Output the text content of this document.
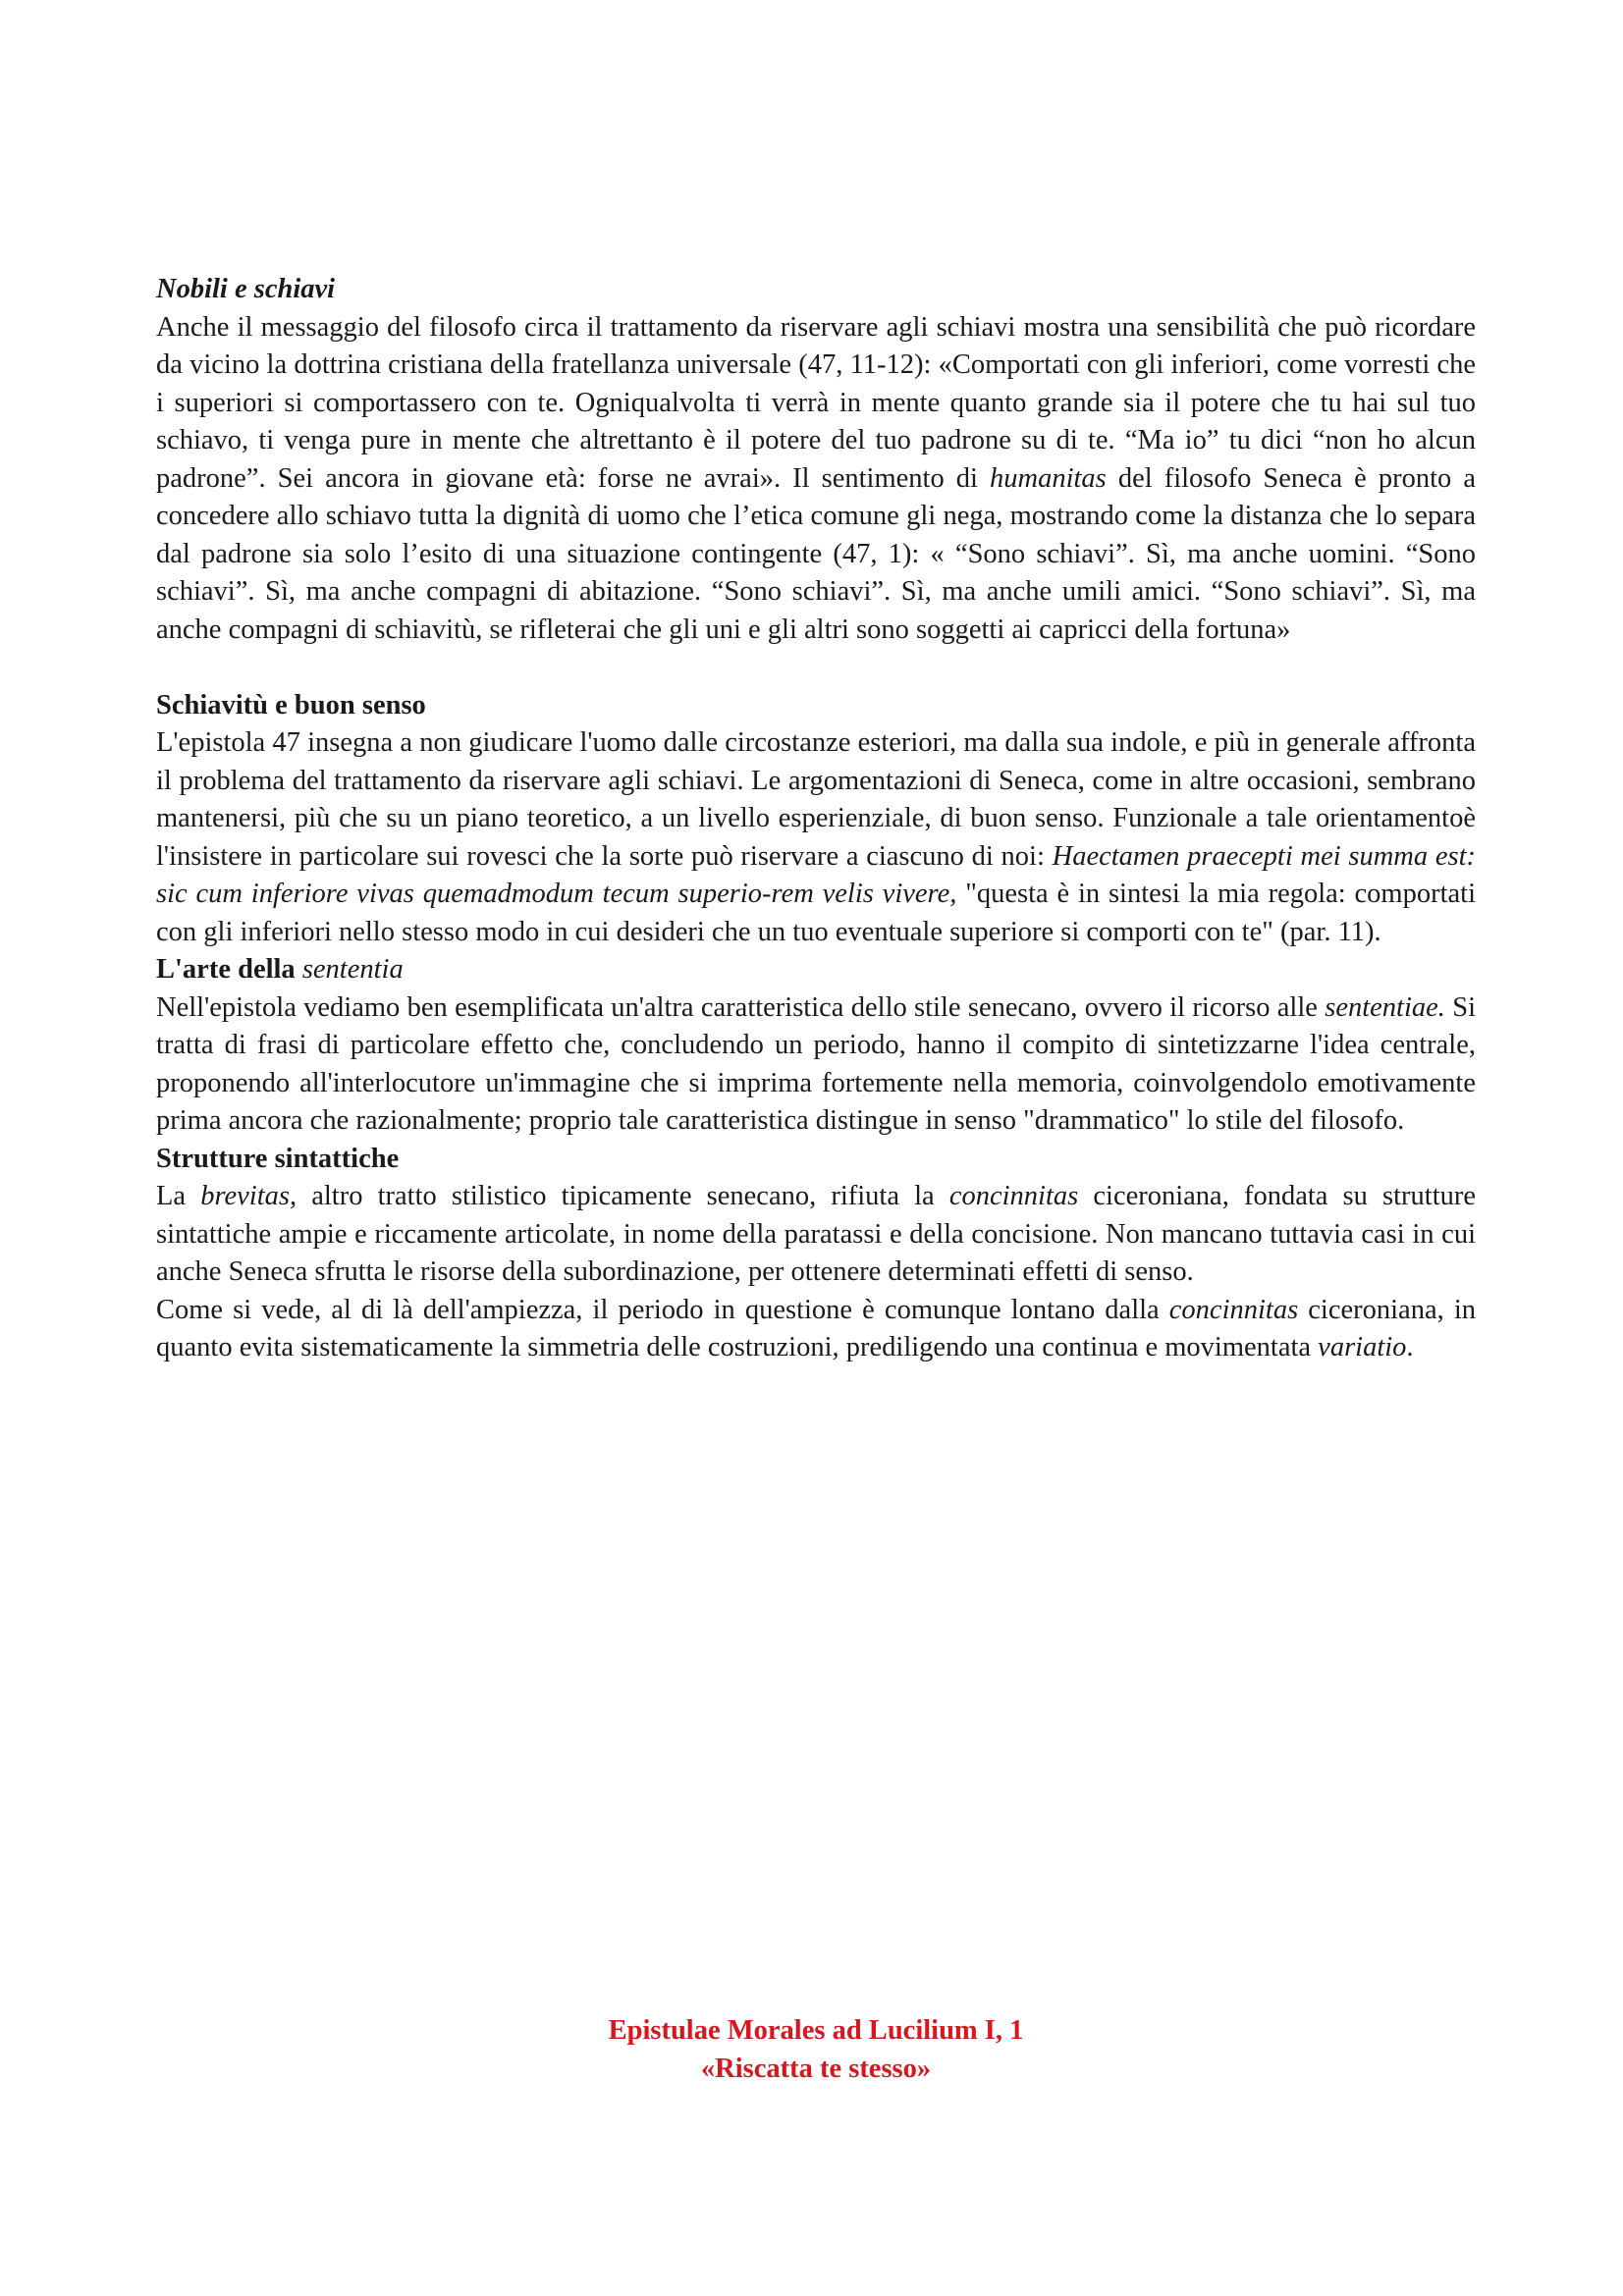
Nobili e schiavi

Anche il messaggio del filosofo circa il trattamento da riservare agli schiavi mostra una sensibilità che può ricordare da vicino la dottrina cristiana della fratellanza universale (47, 11-12): «Comportati con gli inferiori, come vorresti che i superiori si comportassero con te. Ogniqualvolta ti verrà in mente quanto grande sia il potere che tu hai sul tuo schiavo, ti venga pure in mente che altrettanto è il potere del tuo padrone su di te. “Ma io” tu dici “non ho alcun padrone”. Sei ancora in giovane età: forse ne avrai». Il sentimento di humanitas del filosofo Seneca è pronto a concedere allo schiavo tutta la dignità di uomo che l’etica comune gli nega, mostrando come la distanza che lo separa dal padrone sia solo l’esito di una situazione contingente (47, 1): « “Sono schiavi”. Sì, ma anche uomini. “Sono schiavi”. Sì, ma anche compagni di abitazione. “Sono schiavi”. Sì, ma anche umili amici. “Sono schiavi”. Sì, ma anche compagni di schiavitù, se rifleterai che gli uni e gli altri sono soggetti ai capricci della fortuna»

Schiavitù e buon senso

L'epistola 47 insegna a non giudicare l'uomo dalle circostanze esteriori, ma dalla sua indole, e più in generale affronta il problema del trattamento da riservare agli schiavi. Le argomentazioni di Seneca, come in altre occasioni, sembrano mantenersi, più che su un piano teoretico, a un livello esperienziale, di buon senso. Funzionale a tale orientamentoè l'insistere in particolare sui rovesci che la sorte può riservare a ciascuno di noi: Haectamen praecepti mei summa est: sic cum inferiore vivas quemadmodum tecum superio-rem velis vivere, "questa è in sintesi la mia regola: comportati con gli inferiori nello stesso modo in cui desideri che un tuo eventuale superiore si comporti con te" (par. 11).

L'arte della sententia

Nell'epistola vediamo ben esemplificata un'altra caratteristica dello stile senecano, ovvero il ricorso alle sententiae. Si tratta di frasi di particolare effetto che, concludendo un periodo, hanno il compito di sintetizzarne l'idea centrale, proponendo all'interlocutore un'immagine che si imprima fortemente nella memoria, coinvolgendolo emotivamente prima ancora che razionalmente; proprio tale caratteristica distingue in senso "drammatico" lo stile del filosofo.

Strutture sintattiche

La brevitas, altro tratto stilistico tipicamente senecano, rifiuta la concinnitas ciceroniana, fondata su strutture sintattiche ampie e riccamente articolate, in nome della paratassi e della concisione. Non mancano tuttavia casi in cui anche Seneca sfrutta le risorse della subordinazione, per ottenere determinati effetti di senso.

Come si vede, al di là dell'ampiezza, il periodo in questione è comunque lontano dalla concinnitas ciceroniana, in quanto evita sistematicamente la simmetria delle costruzioni, prediligendo una continua e movimentata variatio.

Epistulae Morales ad Lucilium I, 1
«Riscatta te stesso»
